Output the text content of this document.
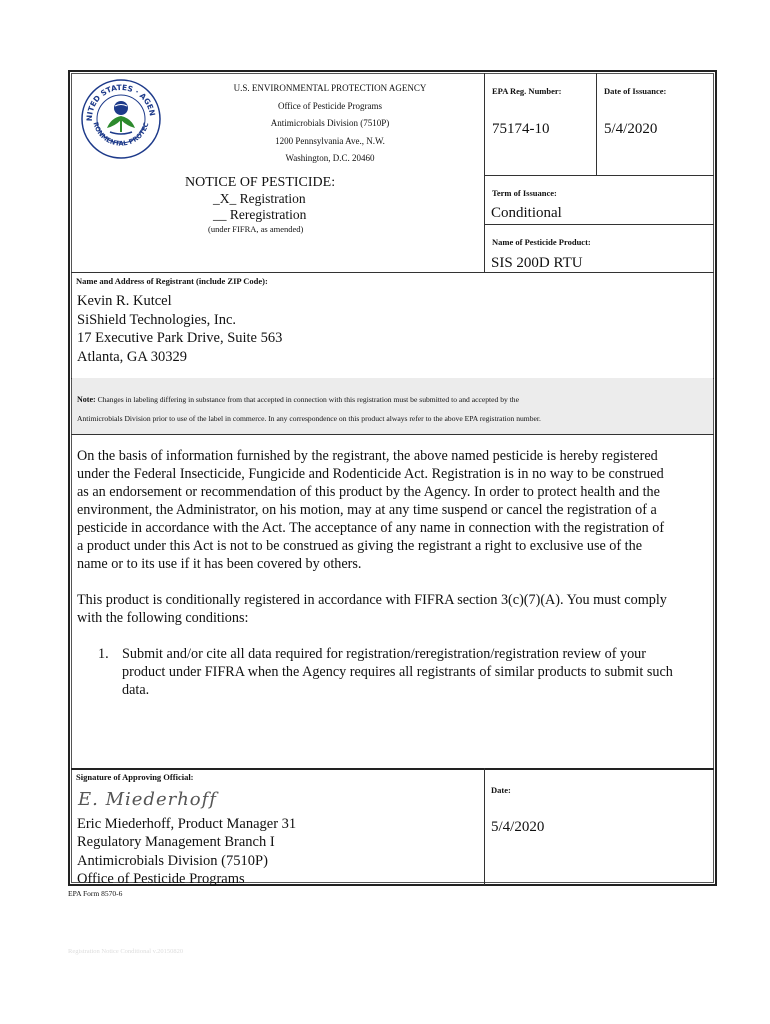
NITED STATES · AGEN
RONMENTAL PROTEC
U.S. ENVIRONMENTAL PROTECTION AGENCY
Office of Pesticide Programs
Antimicrobials Division (7510P)
1200 Pennsylvania Ave., N.W.
Washington, D.C. 20460
NOTICE OF PESTICIDE:
_X_ Registration
__ Reregistration
(under FIFRA, as amended)
EPA Reg. Number:
75174-10
Date of Issuance:
5/4/2020
Term of Issuance:
Conditional
Name of Pesticide Product:
SIS 200D RTU
Name and Address of Registrant (include ZIP Code):
Kevin R. Kutcel
SiShield Technologies, Inc.
17 Executive Park Drive, Suite 563
Atlanta, GA 30329
Note: Changes in labeling differing in substance from that accepted in connection with this registration must be submitted to and accepted by the
Antimicrobials Division prior to use of the label in commerce. In any correspondence on this product always refer to the above EPA registration number.
On the basis of information furnished by the registrant, the above named pesticide is hereby registered
under the Federal Insecticide, Fungicide and Rodenticide Act. Registration is in no way to be construed
as an endorsement or recommendation of this product by the Agency. In order to protect health and the
environment, the Administrator, on his motion, may at any time suspend or cancel the registration of a
pesticide in accordance with the Act. The acceptance of any name in connection with the registration of
a product under this Act is not to be construed as giving the registrant a right to exclusive use of the
name or to its use if it has been covered by others.
This product is conditionally registered in accordance with FIFRA section 3(c)(7)(A). You must comply
with the following conditions:
1. Submit and/or cite all data required for registration/reregistration/registration review of your
product under FIFRA when the Agency requires all registrants of similar products to submit such
data.
Signature of Approving Official:
E. Miederhoff
Eric Miederhoff, Product Manager 31
Regulatory Management Branch I
Antimicrobials Division (7510P)
Office of Pesticide Programs
Date:
5/4/2020
EPA Form 8570-6
Registration Notice Conditional v.20150820
